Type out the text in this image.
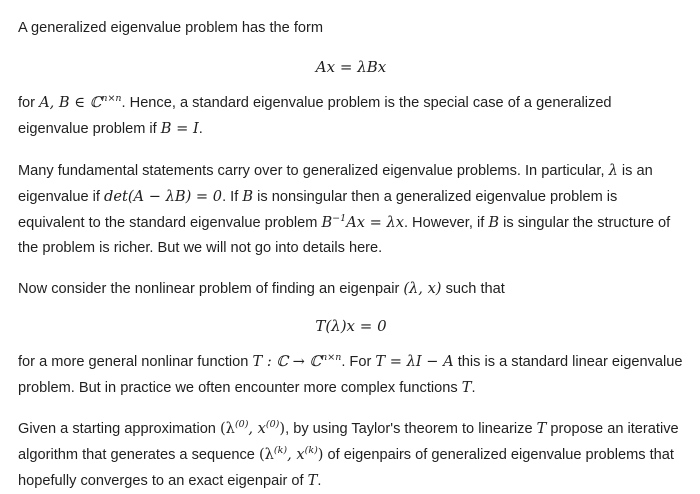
A generalized eigenvalue problem has the form

Ax = λBx

for A, B ∈ ℂ$^{n\times n}$. Hence, a standard eigenvalue problem is the special case of a generalized eigenvalue problem if B = I.

Many fundamental statements carry over to generalized eigenvalue problems. In particular, λ is an eigenvalue if det(A − λB) = 0. If B is nonsingular then a generalized eigenvalue problem is equivalent to the standard eigenvalue problem $B^{-1}Ax = \lambda x$. However, if B is singular the structure of the problem is richer. But we will not go into details here.

Now consider the nonlinear problem of finding an eigenpair (λ, x) such that

T(λ)x = 0

for a more general nonlinar function T : ℂ → ℂ$^{n\times n}$. For T = λI − A this is a standard linear eigenvalue problem. But in practice we often encounter more complex functions T.

Given a starting approximation ($\lambda^{(0)}$, $x^{(0)}$), by using Taylor's theorem to linearize T propose an iterative algorithm that generates a sequence ($\lambda^{(k)}$, $x^{(k)}$) of eigenpairs of generalized eigenvalue problems that hopefully converges to an exact eigenpair of T.
